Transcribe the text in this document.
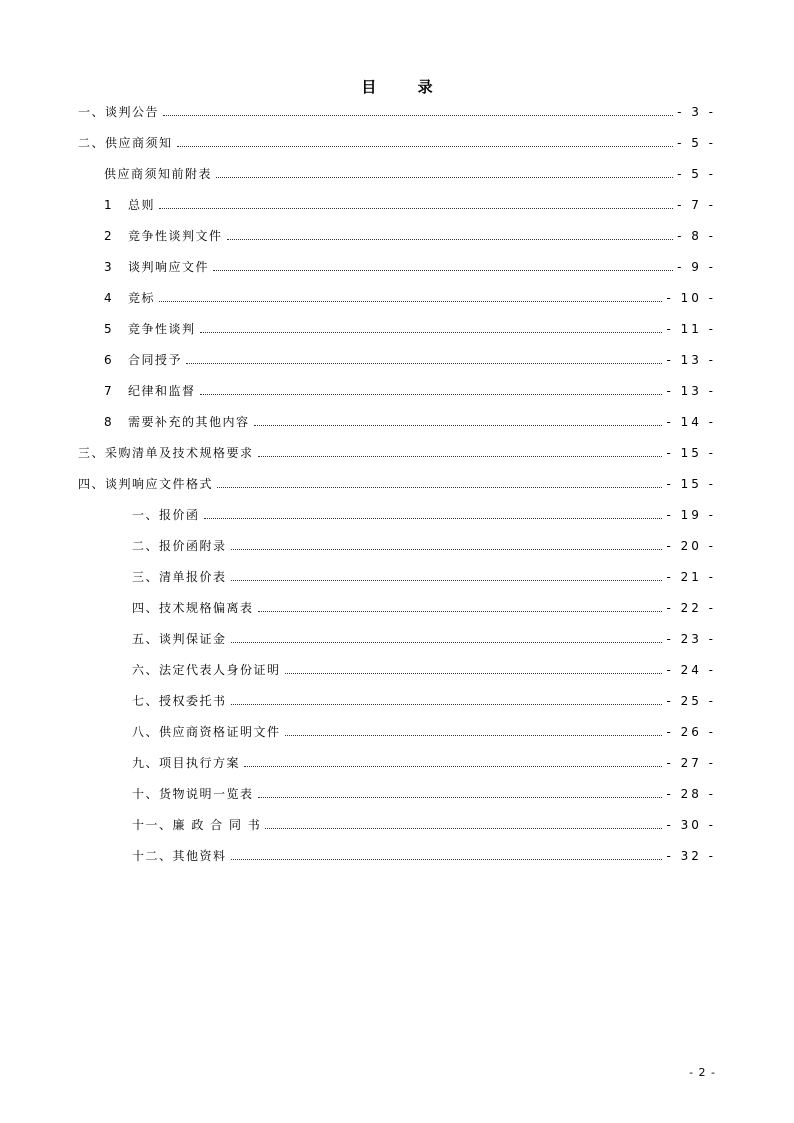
目 录
一、谈判公告	- 3 -
二、供应商须知	- 5 -
供应商须知前附表	- 5 -
1	总则	- 7 -
2	竞争性谈判文件	- 8 -
3	谈判响应文件	- 9 -
4	竞标	- 10 -
5	竞争性谈判	- 11 -
6	合同授予	- 13 -
7	纪律和监督	- 13 -
8	需要补充的其他内容	- 14 -
三、采购清单及技术规格要求	- 15 -
四、谈判响应文件格式	- 15 -
一、报价函	- 19 -
二、报价函附录	- 20 -
三、清单报价表	- 21 -
四、技术规格偏离表	- 22 -
五、谈判保证金	- 23 -
六、法定代表人身份证明	- 24 -
七、授权委托书	- 25 -
八、供应商资格证明文件	- 26 -
九、项目执行方案	- 27 -
十、货物说明一览表	- 28 -
十一、廉 政 合 同 书	- 30 -
十二、其他资料	- 32 -
- 2 -
